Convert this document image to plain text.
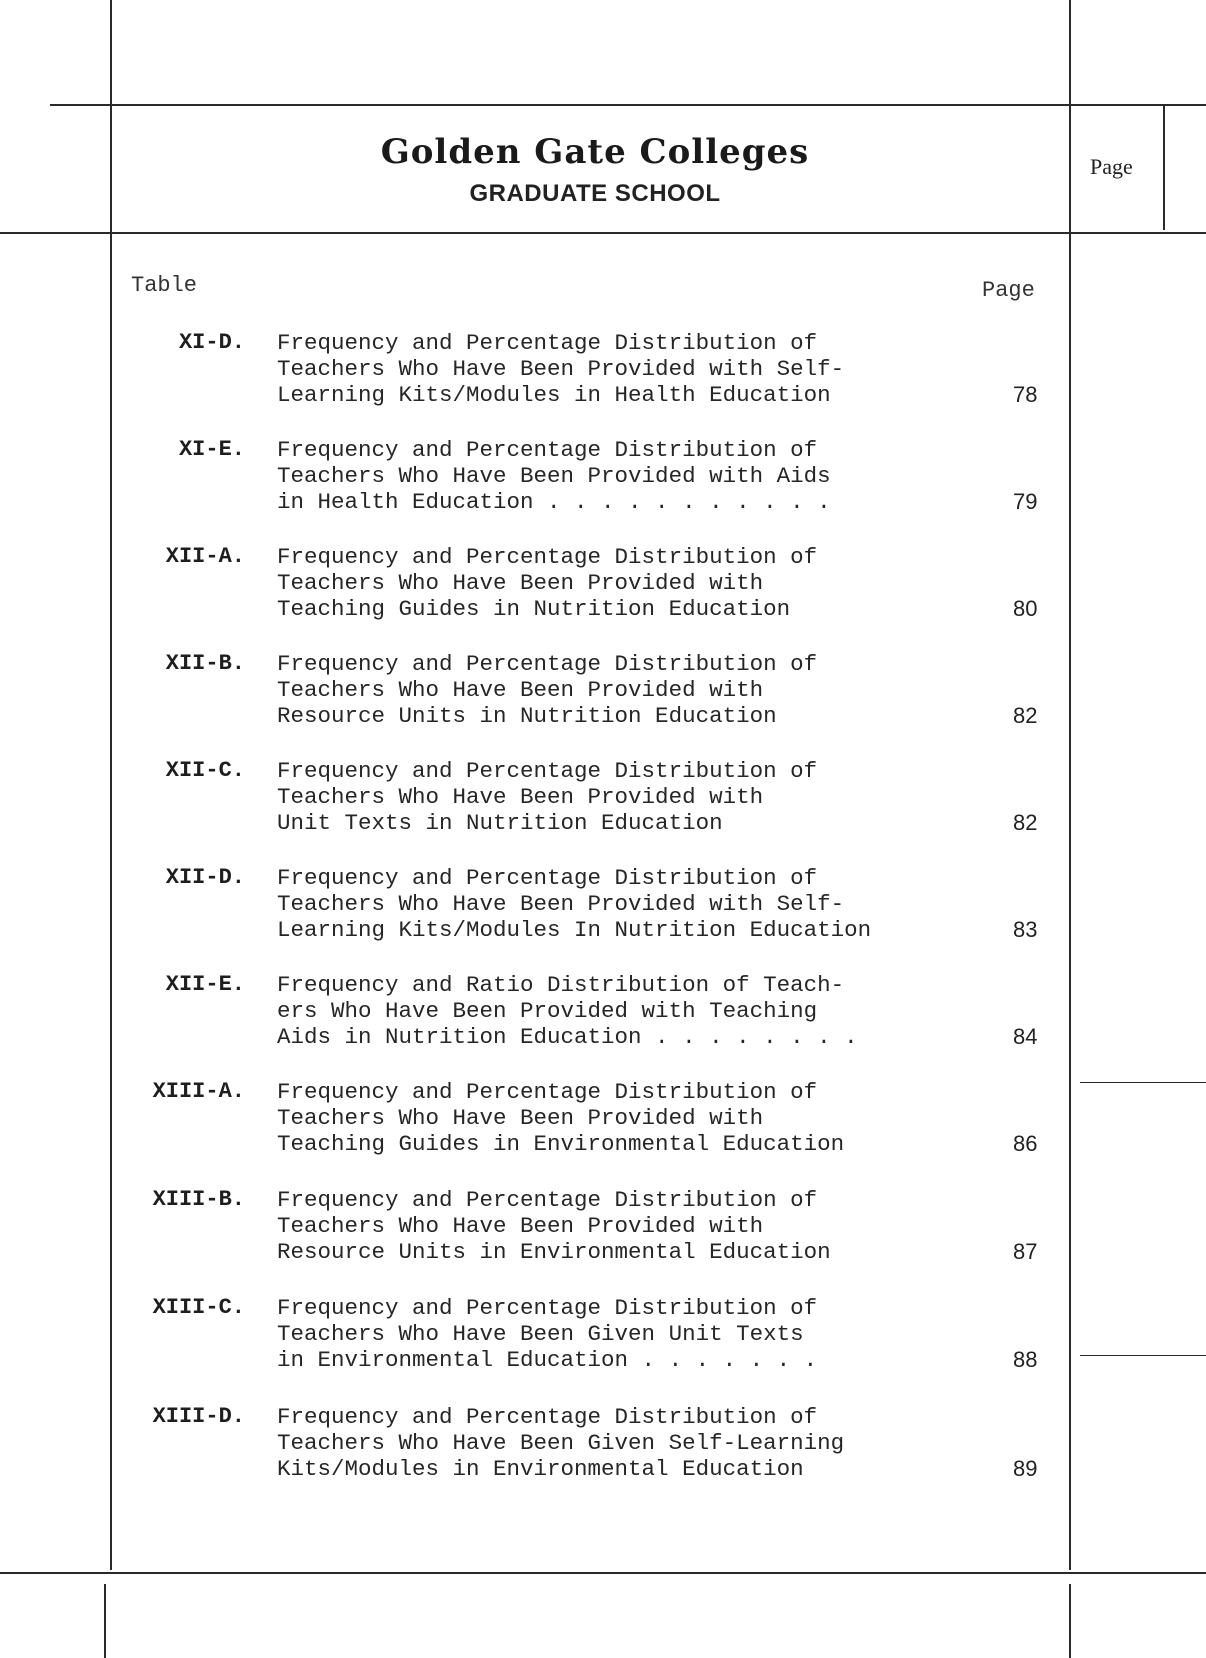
Golden Gate Colleges
GRADUATE SCHOOL
Page
Table	Page
XI-D. Frequency and Percentage Distribution of
Teachers Who Have Been Provided with Self-
Learning Kits/Modules in Health Education	78
XI-E. Frequency and Percentage Distribution of
Teachers Who Have Been Provided with Aids
in Health Education . . . . . . . . . . .	79
XII-A. Frequency and Percentage Distribution of
Teachers Who Have Been Provided with
Teaching Guides in Nutrition Education	80
XII-B. Frequency and Percentage Distribution of
Teachers Who Have Been Provided with
Resource Units in Nutrition Education	82
XII-C. Frequency and Percentage Distribution of
Teachers Who Have Been Provided with
Unit Texts in Nutrition Education	82
XII-D. Frequency and Percentage Distribution of
Teachers Who Have Been Provided with Self-
Learning Kits/Modules In Nutrition Education	83
XII-E. Frequency and Ratio Distribution of Teach-
ers Who Have Been Provided with Teaching
Aids in Nutrition Education . . . . . . . .	84
XIII-A. Frequency and Percentage Distribution of
Teachers Who Have Been Provided with
Teaching Guides in Environmental Education	86
XIII-B. Frequency and Percentage Distribution of
Teachers Who Have Been Provided with
Resource Units in Environmental Education	87
XIII-C. Frequency and Percentage Distribution of
Teachers Who Have Been Given Unit Texts
in Environmental Education . . . . . . .	88
XIII-D. Frequency and Percentage Distribution of
Teachers Who Have Been Given Self-Learning
Kits/Modules in Environmental Education	89
